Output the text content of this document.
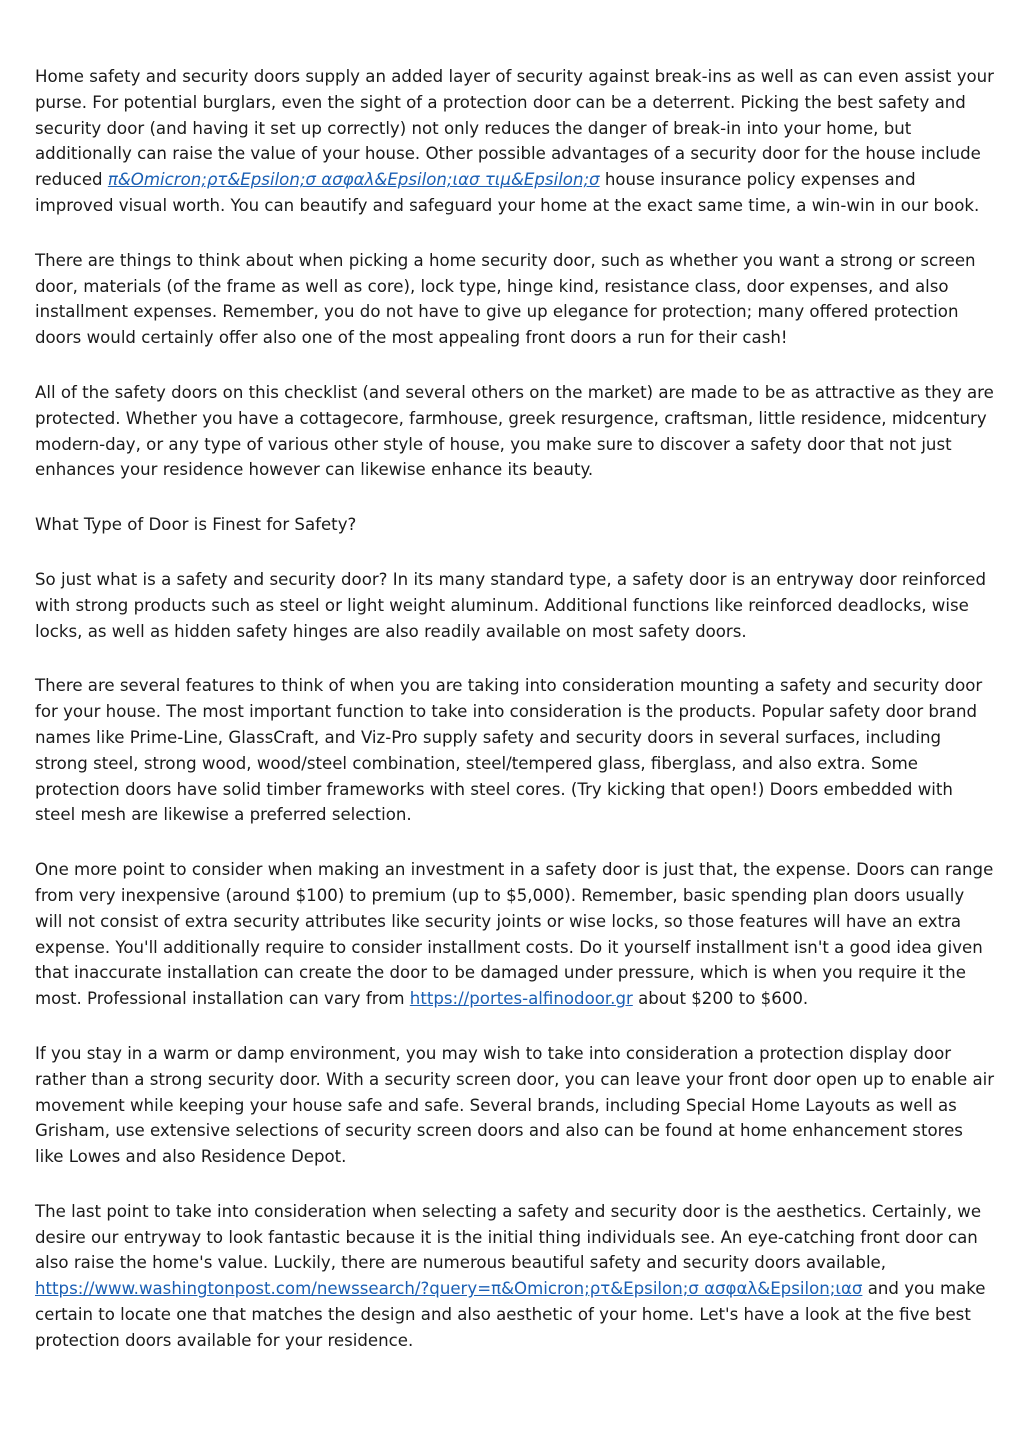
Home safety and security doors supply an added layer of security against break-ins as well as can even assist your purse. For potential burglars, even the sight of a protection door can be a deterrent. Picking the best safety and security door (and having it set up correctly) not only reduces the danger of break-in into your home, but additionally can raise the value of your house. Other possible advantages of a security door for the house include reduced π&Omicron;ρτ&Epsilon;σ ασφαλ&Epsilon;ιασ τιμ&Epsilon;σ house insurance policy expenses and improved visual worth. You can beautify and safeguard your home at the exact same time, a win-win in our book.

There are things to think about when picking a home security door, such as whether you want a strong or screen door, materials (of the frame as well as core), lock type, hinge kind, resistance class, door expenses, and also installment expenses. Remember, you do not have to give up elegance for protection; many offered protection doors would certainly offer also one of the most appealing front doors a run for their cash!

All of the safety doors on this checklist (and several others on the market) are made to be as attractive as they are protected. Whether you have a cottagecore, farmhouse, greek resurgence, craftsman, little residence, midcentury modern-day, or any type of various other style of house, you make sure to discover a safety door that not just enhances your residence however can likewise enhance its beauty.

What Type of Door is Finest for Safety?

So just what is a safety and security door? In its many standard type, a safety door is an entryway door reinforced with strong products such as steel or light weight aluminum. Additional functions like reinforced deadlocks, wise locks, as well as hidden safety hinges are also readily available on most safety doors.

There are several features to think of when you are taking into consideration mounting a safety and security door for your house. The most important function to take into consideration is the products. Popular safety door brand names like Prime-Line, GlassCraft, and Viz-Pro supply safety and security doors in several surfaces, including strong steel, strong wood, wood/steel combination, steel/tempered glass, fiberglass, and also extra. Some protection doors have solid timber frameworks with steel cores. (Try kicking that open!) Doors embedded with steel mesh are likewise a preferred selection.

One more point to consider when making an investment in a safety door is just that, the expense. Doors can range from very inexpensive (around $100) to premium (up to $5,000). Remember, basic spending plan doors usually will not consist of extra security attributes like security joints or wise locks, so those features will have an extra expense. You'll additionally require to consider installment costs. Do it yourself installment isn't a good idea given that inaccurate installation can create the door to be damaged under pressure, which is when you require it the most. Professional installation can vary from https://portes-alfinodoor.gr about $200 to $600.

If you stay in a warm or damp environment, you may wish to take into consideration a protection display door rather than a strong security door. With a security screen door, you can leave your front door open up to enable air movement while keeping your house safe and safe. Several brands, including Special Home Layouts as well as Grisham, use extensive selections of security screen doors and also can be found at home enhancement stores like Lowes and also Residence Depot.

The last point to take into consideration when selecting a safety and security door is the aesthetics. Certainly, we desire our entryway to look fantastic because it is the initial thing individuals see. An eye-catching front door can also raise the home's value. Luckily, there are numerous beautiful safety and security doors available, https://www.washingtonpost.com/newssearch/?query=π&Omicron;ρτ&Epsilon;σ ασφαλ&Epsilon;ιασ and you make certain to locate one that matches the design and also aesthetic of your home. Let's have a look at the five best protection doors available for your residence.
